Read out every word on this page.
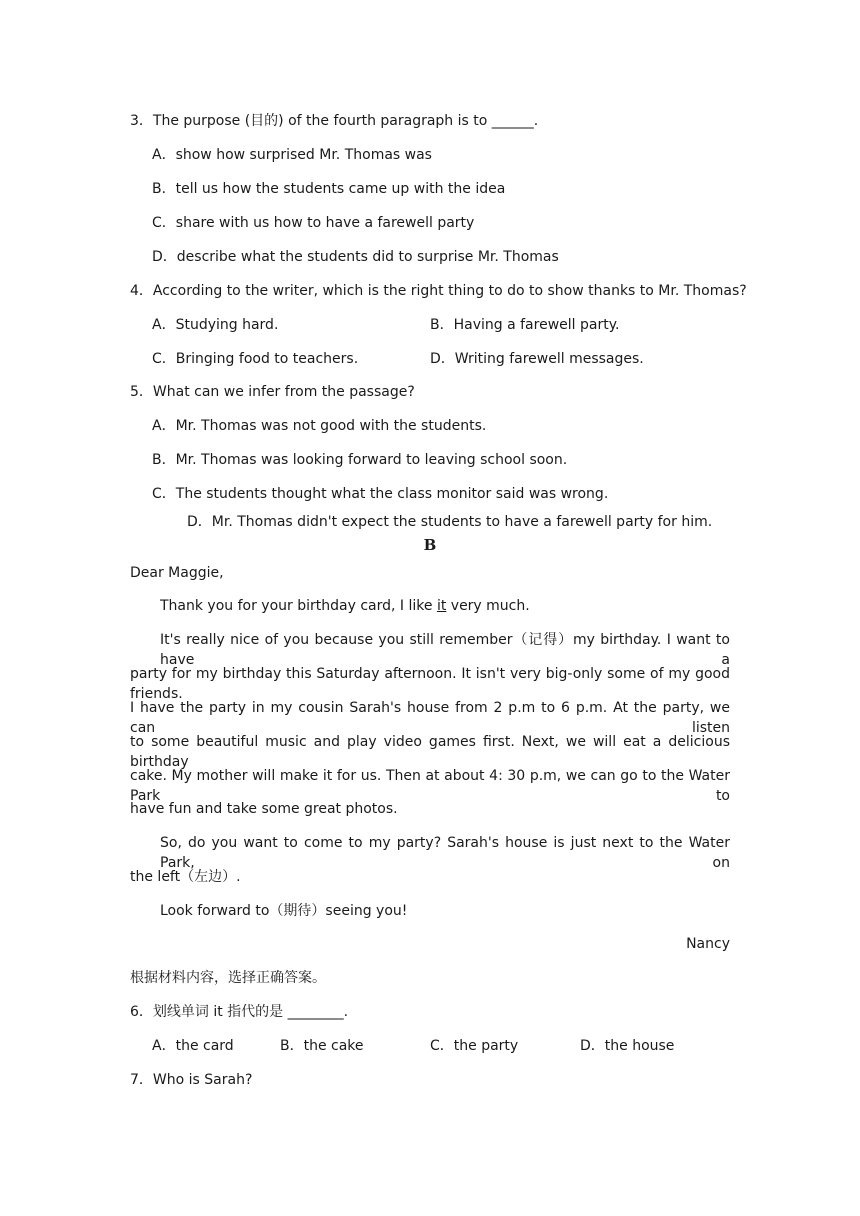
3．The purpose (目的) of the fourth paragraph is to ______.
A．show how surprised Mr. Thomas was
B．tell us how the students came up with the idea
C．share with us how to have a farewell party
D．describe what the students did to surprise Mr. Thomas
4．According to the writer, which is the right thing to do to show thanks to Mr. Thomas?
A．Studying hard.	B．Having a farewell party.
C．Bringing food to teachers.	D．Writing farewell messages.
5．What can we infer from the passage?
A．Mr. Thomas was not good with the students.
B．Mr. Thomas was looking forward to leaving school soon.
C．The students thought what the class monitor said was wrong.
D．Mr. Thomas didn't expect the students to have a farewell party for him.
B
Dear Maggie,
Thank you for your birthday card, I like it very much.
It's really nice of you because you still remember（记得）my birthday. I want to have a
party for my birthday this Saturday afternoon. It isn't very big-only some of my good friends.
I have the party in my cousin Sarah's house from 2 p.m to 6 p.m. At the party, we can listen
to some beautiful music and play video games first. Next, we will eat a delicious birthday
cake. My mother will make it for us. Then at about 4: 30 p.m, we can go to the Water Park to
have fun and take some great photos.
So, do you want to come to my party? Sarah's house is just next to the Water Park, on
the left（左边）.
Look forward to（期待）seeing you!
Nancy
根据材料内容，选择正确答案。
6．划线单词 it 指代的是 ________.
A．the card	B．the cake	C．the party	D．the house
7．Who is Sarah?
